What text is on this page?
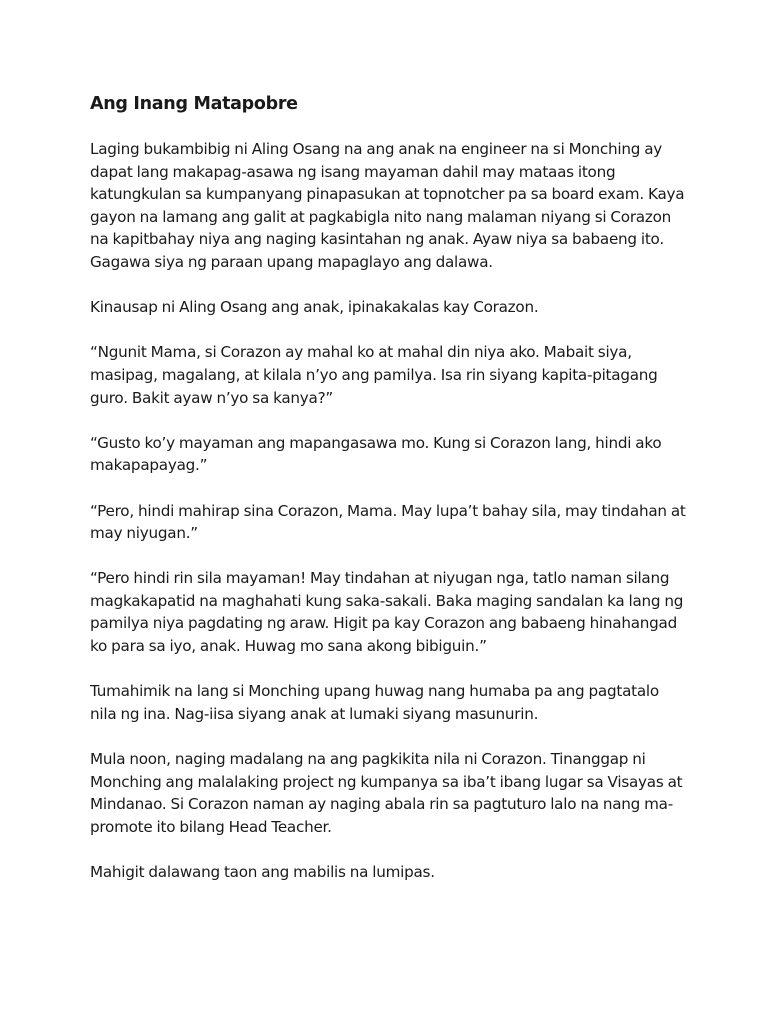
Ang Inang Matapobre
Laging bukambibig ni Aling Osang na ang anak na engineer na si Monching ay
dapat lang makapag-asawa ng isang mayaman dahil may mataas itong
katungkulan sa kumpanyang pinapasukan at topnotcher pa sa board exam. Kaya
gayon na lamang ang galit at pagkabigla nito nang malaman niyang si Corazon
na kapitbahay niya ang naging kasintahan ng anak. Ayaw niya sa babaeng ito.
Gagawa siya ng paraan upang mapaglayo ang dalawa.
Kinausap ni Aling Osang ang anak, ipinakakalas kay Corazon.
“Ngunit Mama, si Corazon ay mahal ko at mahal din niya ako. Mabait siya,
masipag, magalang, at kilala n’yo ang pamilya. Isa rin siyang kapita-pitagang
guro. Bakit ayaw n’yo sa kanya?”
“Gusto ko’y mayaman ang mapangasawa mo. Kung si Corazon lang, hindi ako
makapapayag.”
“Pero, hindi mahirap sina Corazon, Mama. May lupa’t bahay sila, may tindahan at
may niyugan.”
“Pero hindi rin sila mayaman! May tindahan at niyugan nga, tatlo naman silang
magkakapatid na maghahati kung saka-sakali. Baka maging sandalan ka lang ng
pamilya niya pagdating ng araw. Higit pa kay Corazon ang babaeng hinahangad
ko para sa iyo, anak. Huwag mo sana akong bibiguin.”
Tumahimik na lang si Monching upang huwag nang humaba pa ang pagtatalo
nila ng ina. Nag-iisa siyang anak at lumaki siyang masunurin.
Mula noon, naging madalang na ang pagkikita nila ni Corazon. Tinanggap ni
Monching ang malalaking project ng kumpanya sa iba’t ibang lugar sa Visayas at
Mindanao. Si Corazon naman ay naging abala rin sa pagtuturo lalo na nang ma-
promote ito bilang Head Teacher.
Mahigit dalawang taon ang mabilis na lumipas.
